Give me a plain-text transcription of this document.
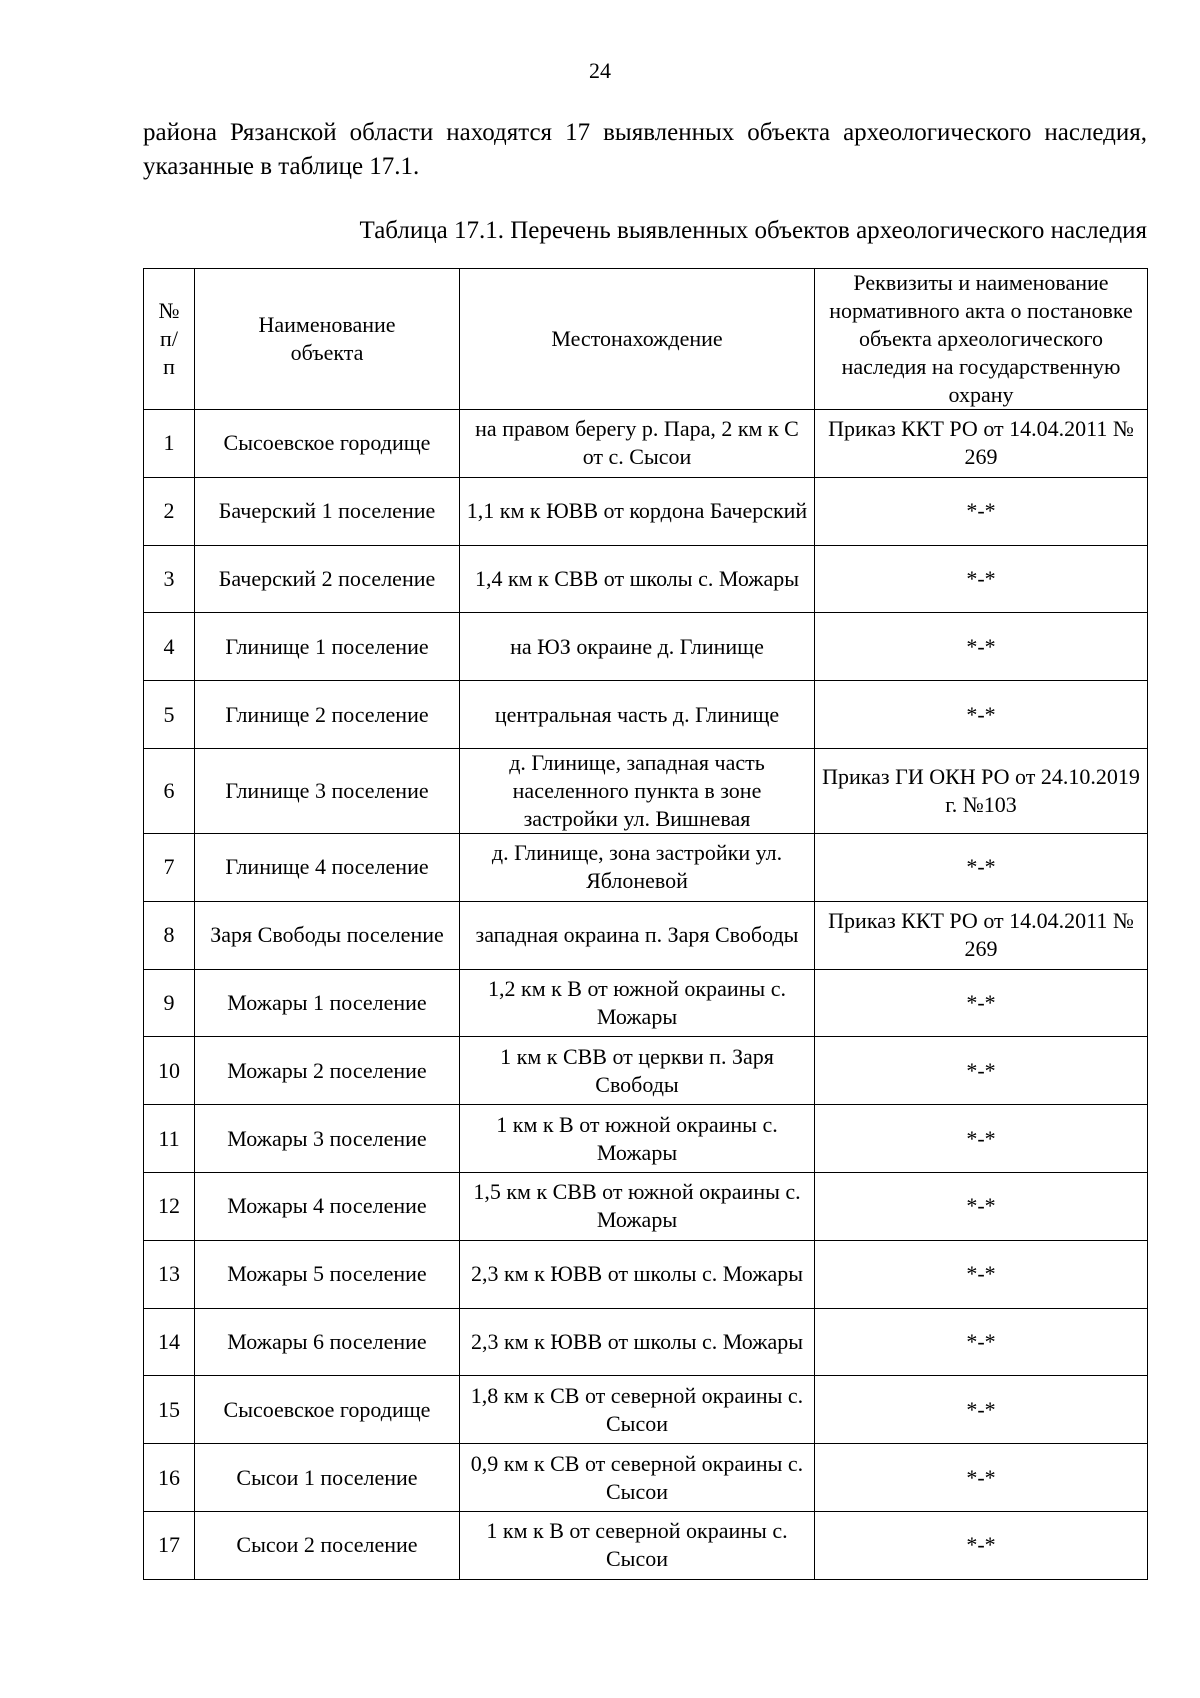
24

района Рязанской области находятся 17 выявленных объекта археологического наследия, указанные в таблице 17.1.

Таблица 17.1. Перечень выявленных объектов археологического наследия

№ п/ п	Наименование объекта	Местонахождение	Реквизиты и наименование нормативного акта о постановке объекта археологического наследия на государственную охрану
1	Сысоевское городище	на правом берегу р. Пара, 2 км к С от с. Сысои	Приказ ККТ РО от 14.04.2011 № 269
2	Бачерский 1 поселение	1,1 км к ЮВВ от кордона Бачерский	*-*
3	Бачерский 2 поселение	1,4 км к СВВ от школы с. Можары	*-*
4	Глинище 1 поселение	на ЮЗ окраине д. Глинище	*-*
5	Глинище 2 поселение	центральная часть д. Глинище	*-*
6	Глинище 3 поселение	д. Глинище, западная часть населенного пункта в зоне застройки ул. Вишневая	Приказ ГИ ОКН РО от 24.10.2019 г. №103
7	Глинище 4 поселение	д. Глинище, зона застройки ул. Яблоневой	*-*
8	Заря Свободы поселение	западная окраина п. Заря Свободы	Приказ ККТ РО от 14.04.2011 № 269
9	Можары 1 поселение	1,2 км к В от южной окраины с. Можары	*-*
10	Можары 2 поселение	1 км к СВВ от церкви п. Заря Свободы	*-*
11	Можары 3 поселение	1 км к В от южной окраины с. Можары	*-*
12	Можары 4 поселение	1,5 км к СВВ от южной окраины с. Можары	*-*
13	Можары 5 поселение	2,3 км к ЮВВ от школы с. Можары	*-*
14	Можары 6 поселение	2,3 км к ЮВВ от школы с. Можары	*-*
15	Сысоевское городище	1,8 км к СВ от северной окраины с. Сысои	*-*
16	Сысои 1 поселение	0,9 км к СВ от северной окраины с. Сысои	*-*
17	Сысои 2 поселение	1 км к В от северной окраины с. Сысои	*-*
